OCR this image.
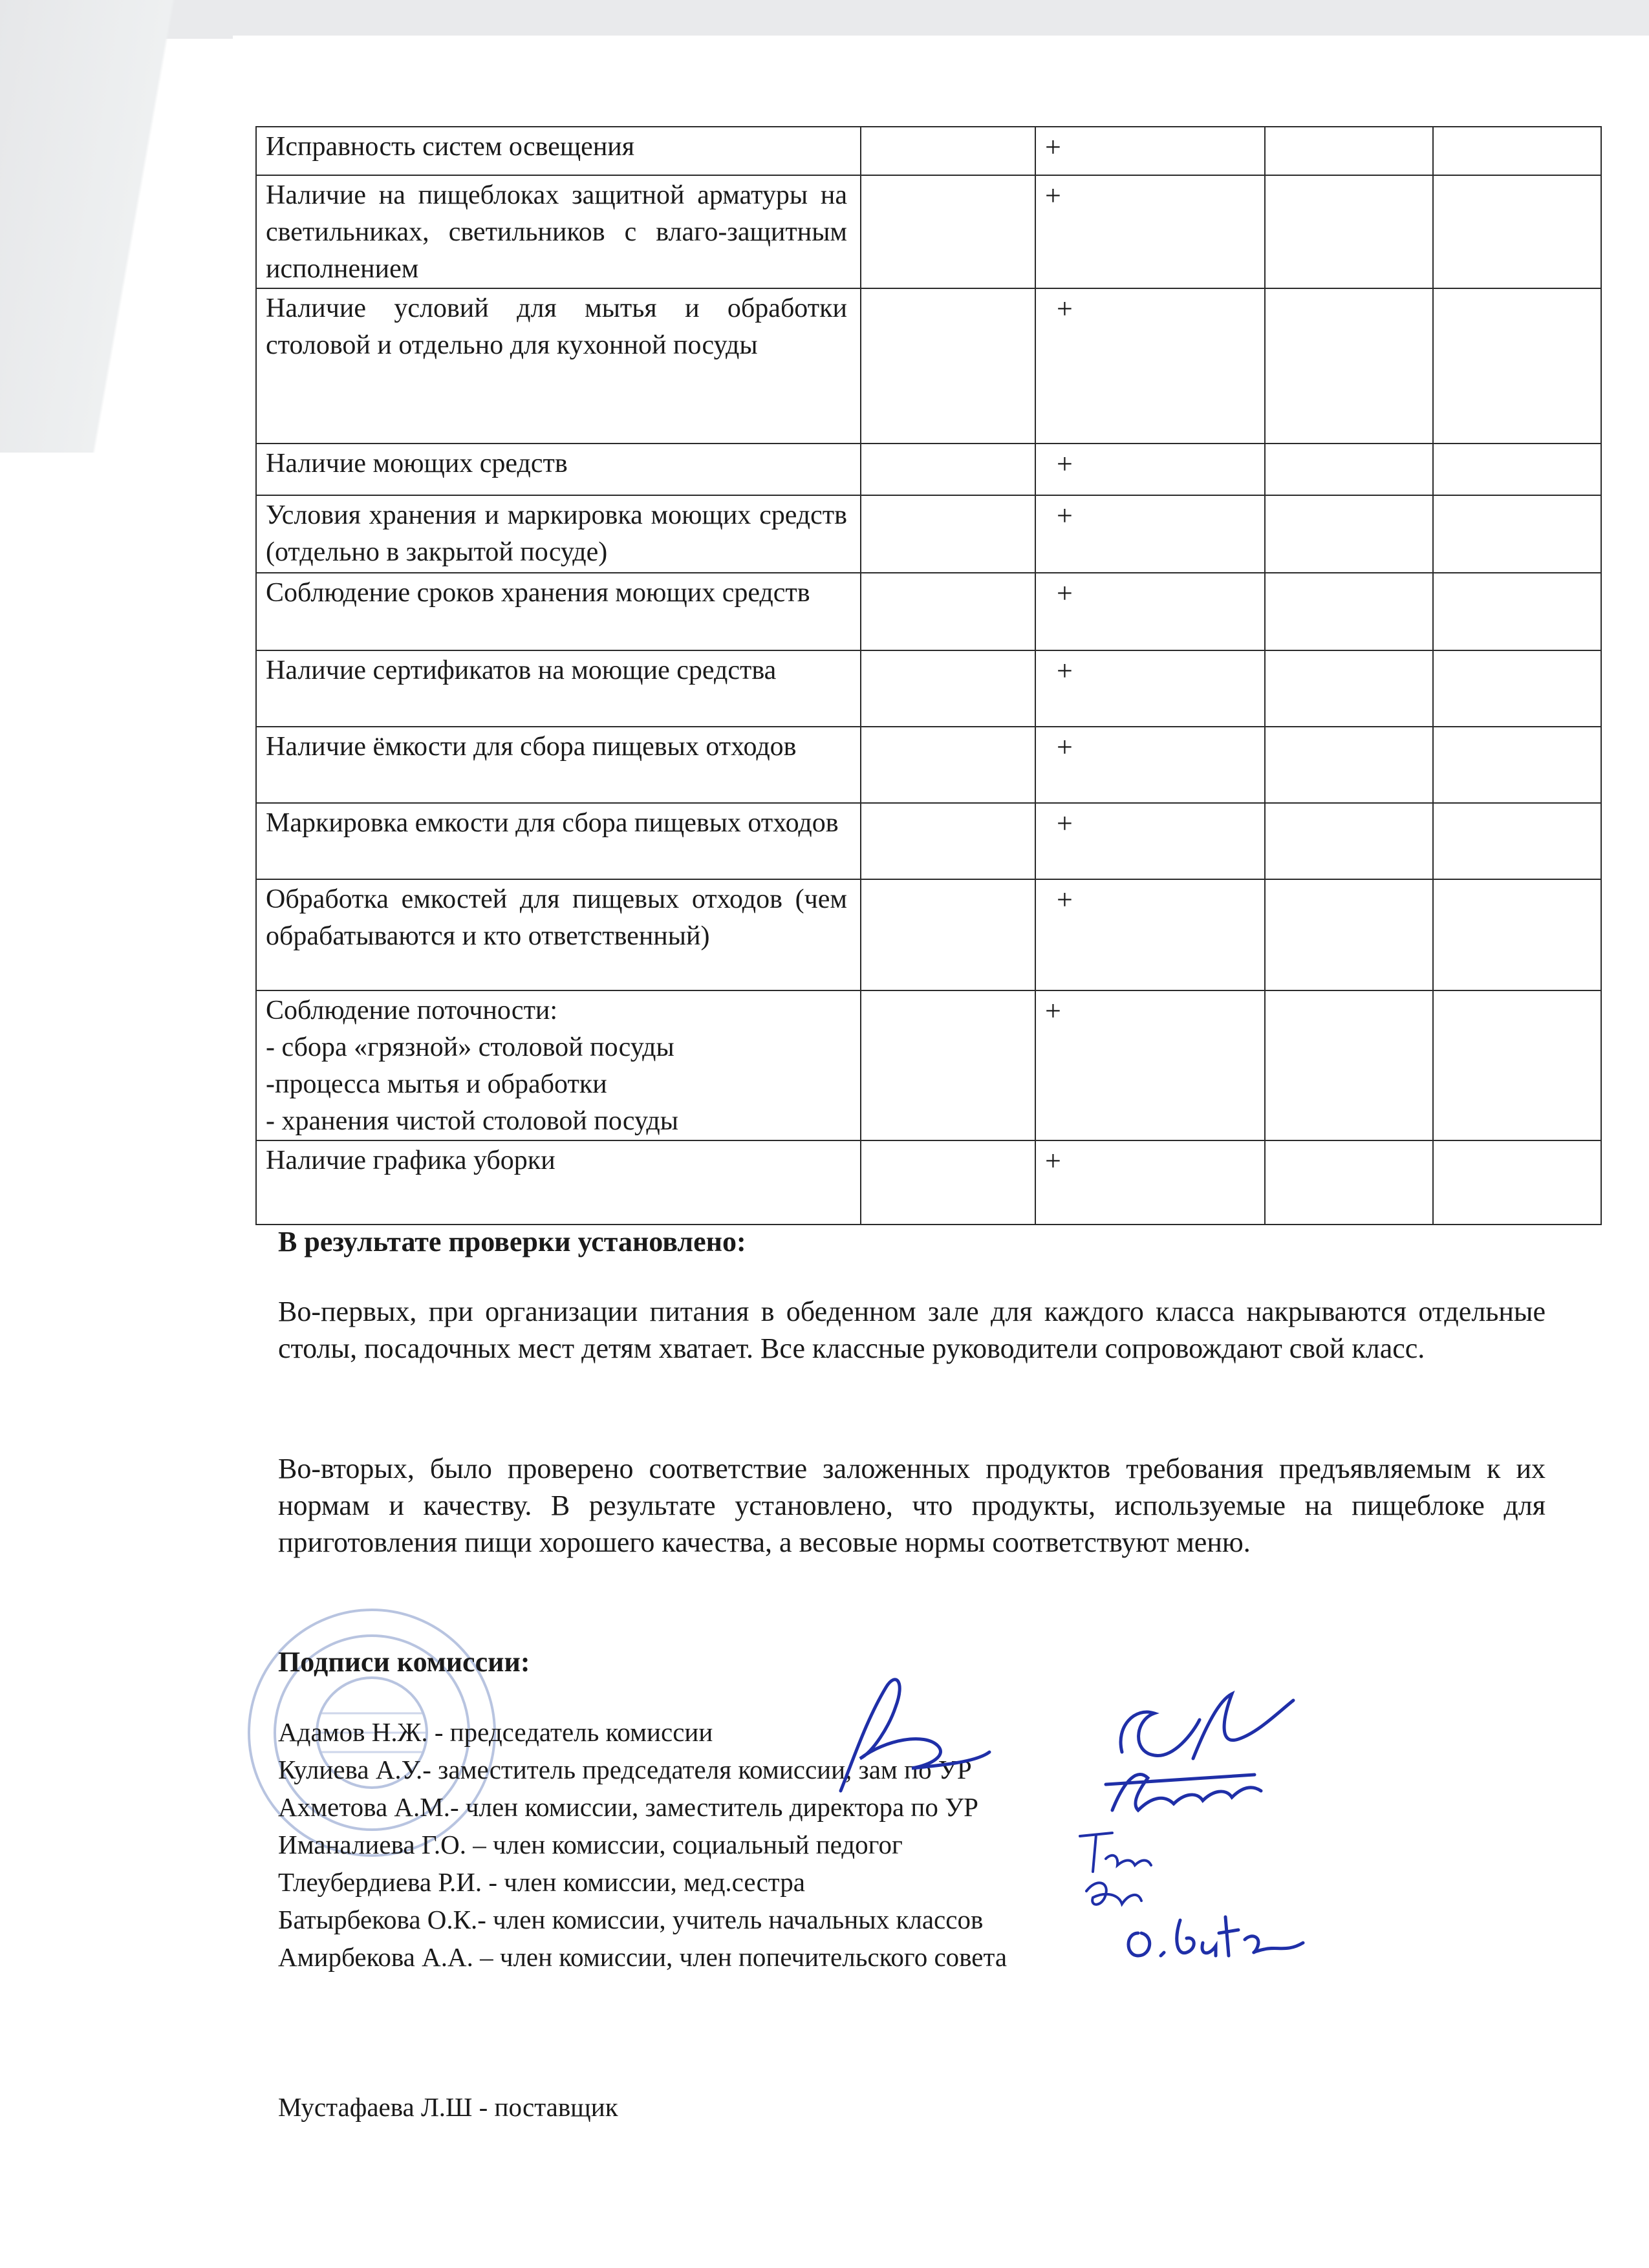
Исправность систем освещения		+		
Наличие на пищеблоках защитной арматуры на светильниках, светильников с влаго-защитным исполнением		+		
Наличие условий для мытья и обработки столовой и отдельно для кухонной посуды		+		
Наличие моющих средств		+		
Условия хранения и маркировка моющих средств (отдельно в закрытой посуде)		+		
Соблюдение сроков хранения моющих средств		+		
Наличие сертификатов на моющие средства		+		
Наличие ёмкости для сбора пищевых отходов		+		
Маркировка емкости для сбора пищевых отходов		+		
Обработка емкостей для пищевых отходов (чем обрабатываются и кто ответственный)		+		

Соблюдение поточности:
- сбора «грязной» столовой посуды
-процесса мытья и обработки
- хранения чистой столовой посуды		+		
Наличие графика уборки		+		
В результате проверки установлено:

Во-первых, при организации питания в обеденном зале для каждого класса накрываются отдельные столы, посадочных мест детям хватает. Все классные руководители сопровождают свой класс.

Во-вторых, было проверено соответствие заложенных продуктов требования предъявляемым к их нормам и качеству. В результате установлено, что продукты, используемые на пищеблоке для приготовления пищи хорошего качества, а весовые нормы соответствуют меню.

Подписи комиссии:
Адамов Н.Ж. - председатель комиссии
Кулиева А.У.- заместитель председателя комиссии, зам по УР
Ахметова А.М.- член комиссии, заместитель директора по УР
Иманалиева Г.О. – член комиссии, социальный педогог
Тлеубердиева Р.И. - член комиссии, мед.сестра
Батырбекова О.К.- член комиссии, учитель начальных классов
Амирбекова А.А. – член комиссии, член попечительского совета

Мустафаева Л.Ш - поставщик
